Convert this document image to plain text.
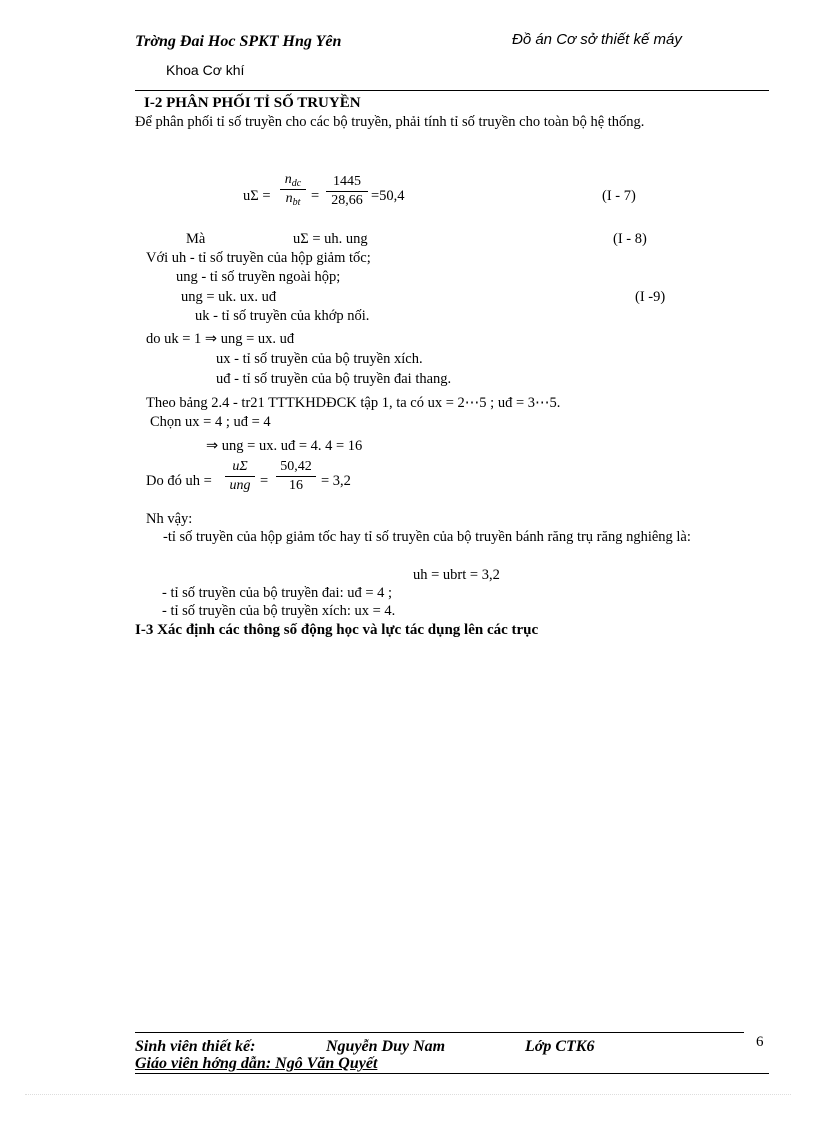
Trờng Đai Hoc SPKT Hng Yên	Đồ án Cơ sở thiết kế máy
Khoa Cơ khí
I-2 PHÂN PHỐI TỈ SỐ TRUYỀN
Để phân phối tỉ số truyền cho các bộ truyền, phải tính tỉ số truyền cho toàn bộ hệ thống.
uΣ =
$n_{dc}$
$n_{bt} = \frac{1445}{28,66} =50,4$	(I - 7)
Mà	uΣ = uh. ung	(I - 8)
Với uh - tỉ số truyền của hộp giảm tốc;
ung - tỉ số truyền ngoài hộp;
ung = uk. ux. uđ	(I -9)
uk - tỉ số truyền của khớp nối.
do uk = 1 ⇒ ung = ux. uđ
ux - tỉ số truyền của bộ truyền xích.
uđ - tỉ số truyền của bộ truyền đai thang.
Theo bảng 2.4 - tr21 TTTKHDĐCK tập 1, ta có ux = 2⋯5 ; uđ = 3⋯5.
Chọn ux = 4 ; uđ = 4
⇒ ung = ux. uđ = 4. 4 = 16
Do đó uh =
uΣ
ung = $\frac{50,42}{16} = 3,2$
Nh vậy:
-tỉ số truyền của hộp giảm tốc hay tỉ số truyền của bộ truyền bánh răng trụ răng nghiêng là:
uh = ubrt = 3,2
- tỉ số truyền của bộ truyền đai: uđ = 4 ;
- tỉ số truyền của bộ truyền xích: ux = 4.
I-3 Xác định các thông số động học và lực tác dụng lên các trục
Sinh viên thiết kế:	Nguyễn Duy Nam	Lớp CTK6	6
Giáo viên hớng dẫn: Ngô Văn Quyết
